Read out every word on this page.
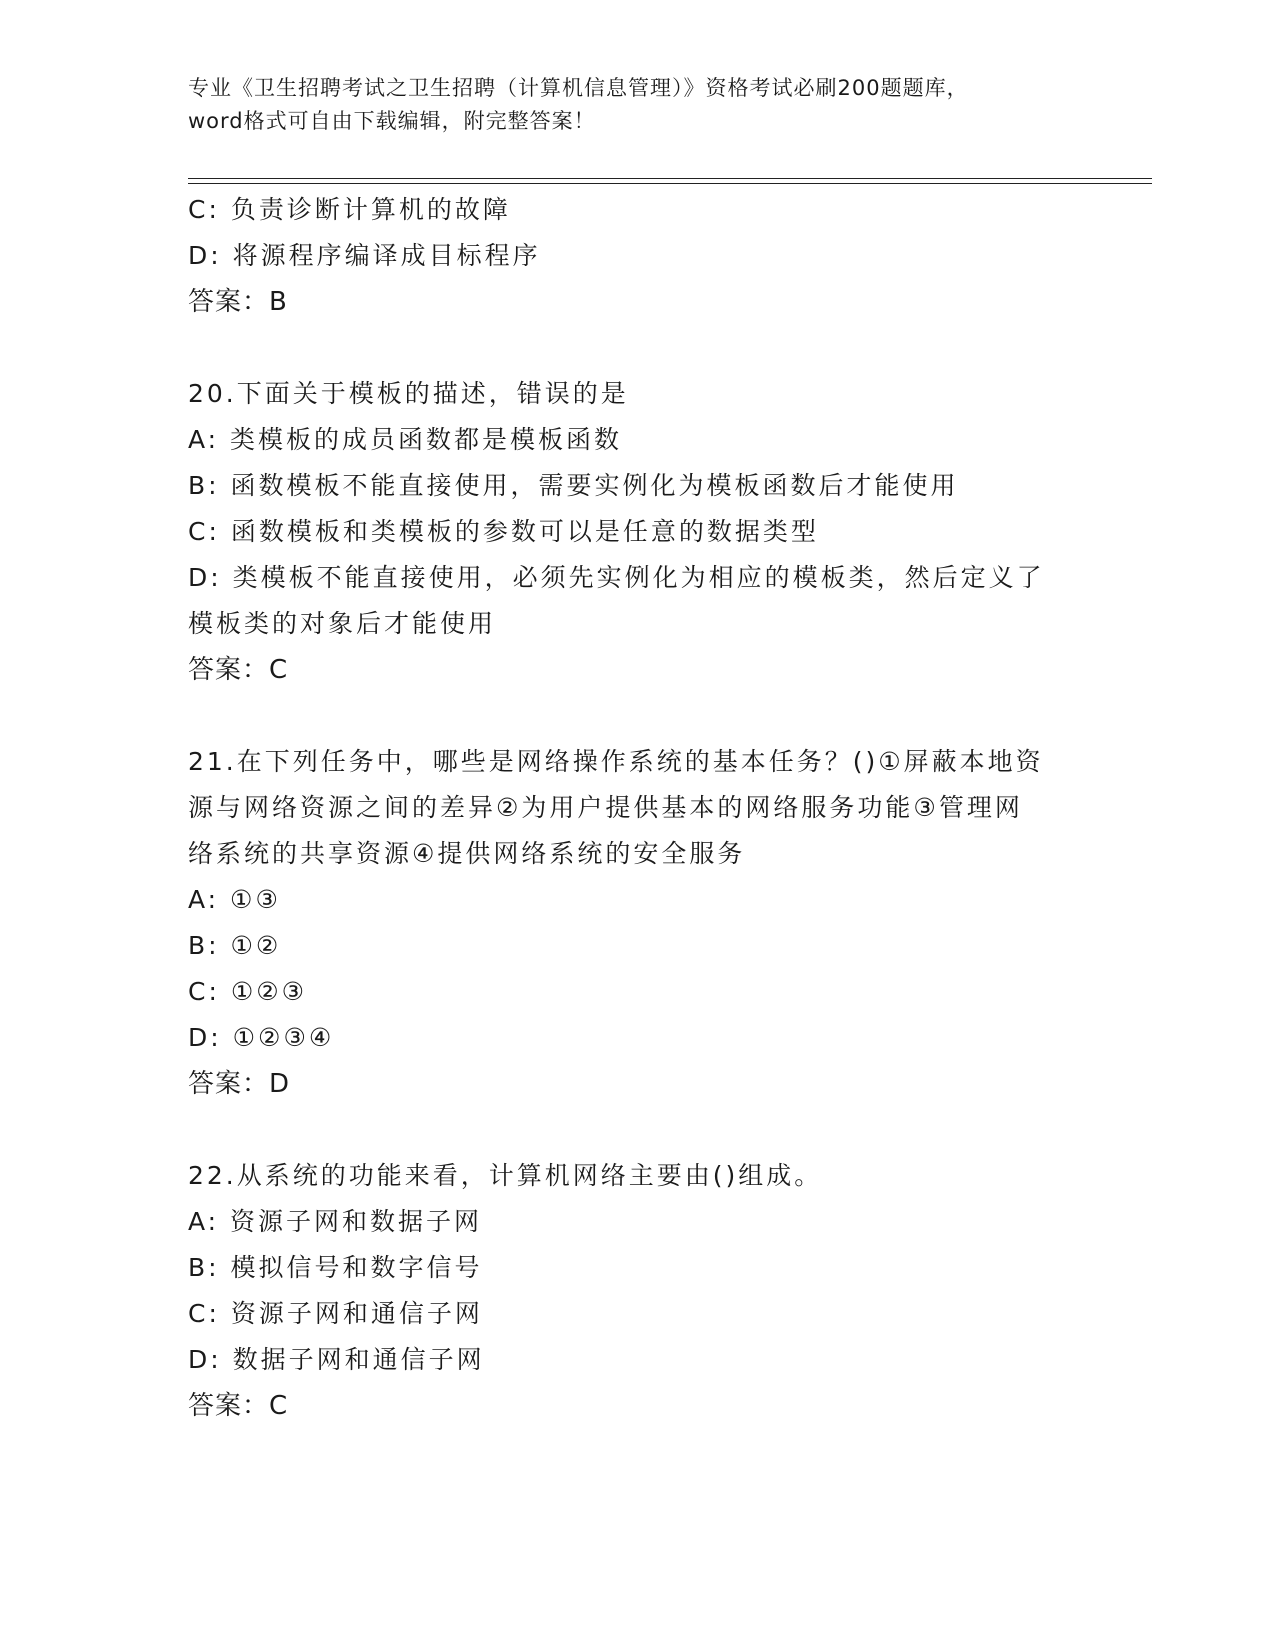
专业《卫生招聘考试之卫生招聘（计算机信息管理）》资格考试必刷200题题库，
word格式可自由下载编辑，附完整答案！
C: 负责诊断计算机的故障
D: 将源程序编译成目标程序
答案：B
20.下面关于模板的描述，错误的是
A: 类模板的成员函数都是模板函数
B: 函数模板不能直接使用，需要实例化为模板函数后才能使用
C: 函数模板和类模板的参数可以是任意的数据类型
D: 类模板不能直接使用，必须先实例化为相应的模板类，然后定义了
模板类的对象后才能使用
答案：C
21.在下列任务中，哪些是网络操作系统的基本任务？()①屏蔽本地资
源与网络资源之间的差异②为用户提供基本的网络服务功能③管理网
络系统的共享资源④提供网络系统的安全服务
A: ①③
B: ①②
C: ①②③
D: ①②③④
答案：D
22.从系统的功能来看，计算机网络主要由()组成。
A: 资源子网和数据子网
B: 模拟信号和数字信号
C: 资源子网和通信子网
D: 数据子网和通信子网
答案：C
